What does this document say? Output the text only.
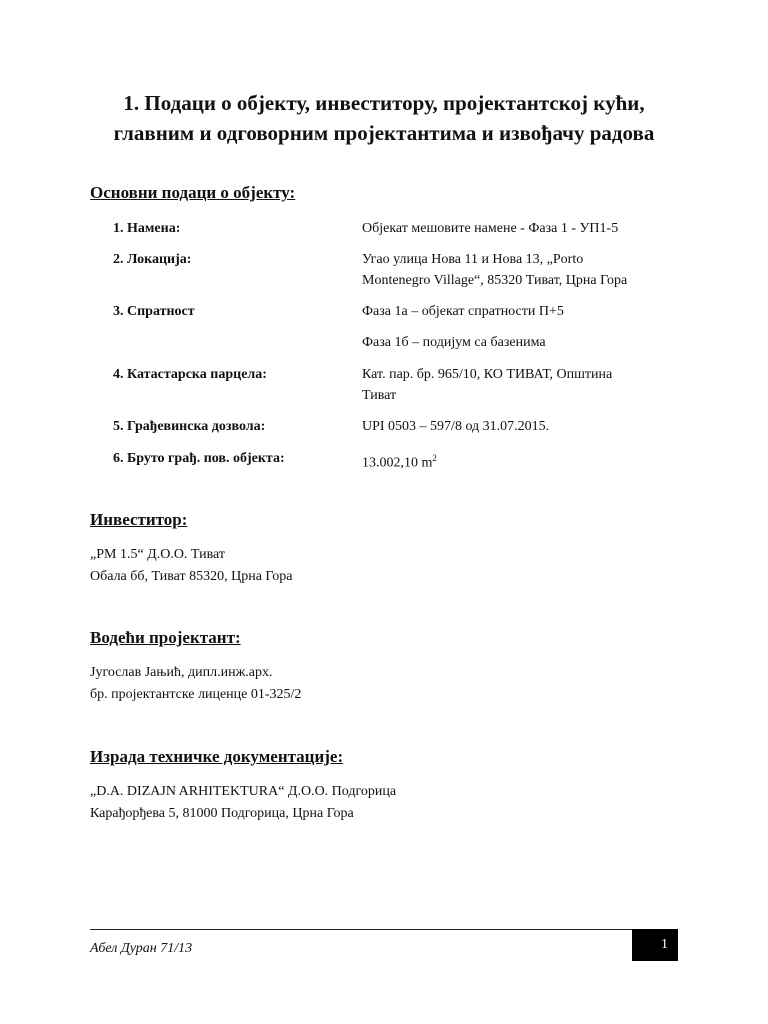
1. Подаци о објекту, инвеститору, пројектантској кући,
главним и одговорним пројектантима и извођачу радова

Основни подаци о објекту:

1. Намена:	Објекат мешовите намене - Фаза 1 - УП1-5

2. Локација:	Угао улица Нова 11 и Нова 13, „Porto
Montenegro Village“, 85320 Тиват, Црна Гора

3. Спратност	Фаза 1а – објекат спратности П+5

Фаза 1б – подијум са базенима

4. Катастарска парцела:	Кат. пар. бр. 965/10, КО ТИВАТ, Општина
Тиват

5. Грађевинска дозвола:	UPI 0503 – 597/8 од 31.07.2015.

6. Бруто грађ. пов. објекта:	13.002,10 $m^2$

Инвеститор:

„PM 1.5“ Д.О.О. Тиват

Обала бб, Тиват 85320, Црна Гора

Водећи пројектант:

Југослав Јањић, дипл.инж.арх.

бр. пројектантске лиценце 01-325/2

Израда техничке документације:

„D.A. DIZAJN ARHITEKTURA“ Д.О.О. Подгорица

Карађорђева 5, 81000 Подгорица, Црна Гора

Абел Дуран 71/13	1
